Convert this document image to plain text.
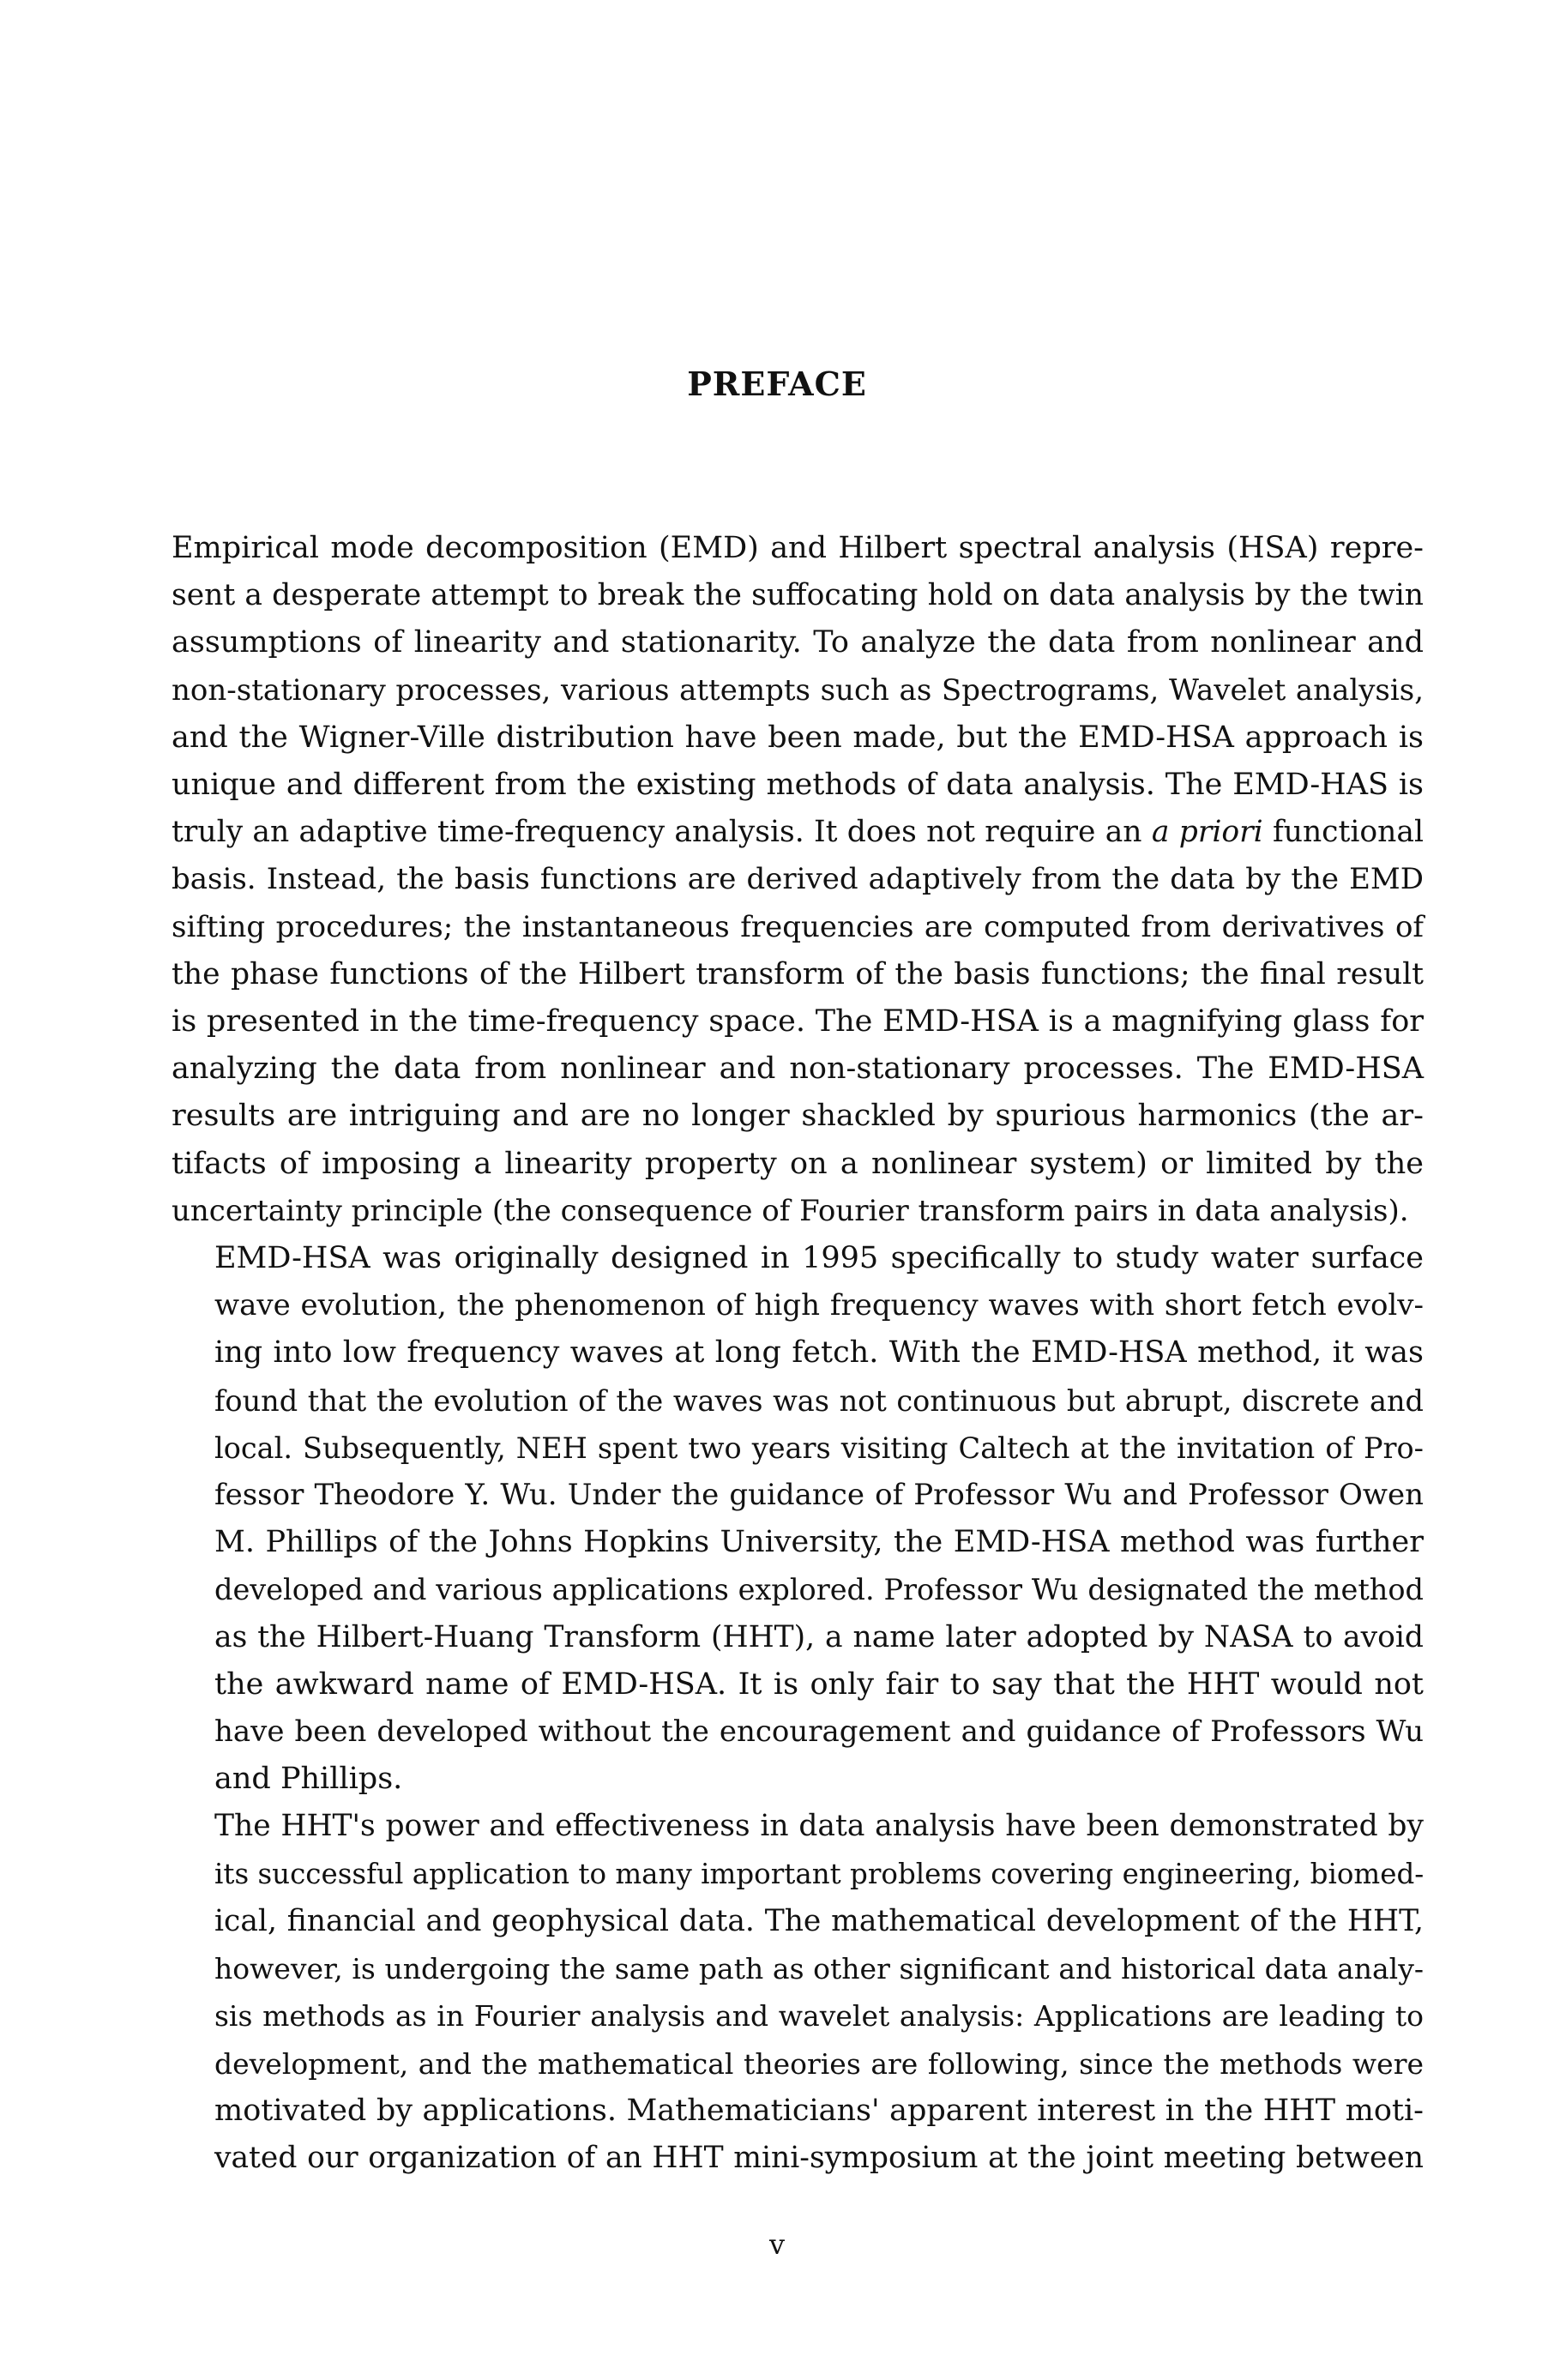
PREFACE

Empirical mode decomposition (EMD) and Hilbert spectral analysis (HSA) repre-
sent a desperate attempt to break the suffocating hold on data analysis by the twin
assumptions of linearity and stationarity. To analyze the data from nonlinear and
non-stationary processes, various attempts such as Spectrograms, Wavelet analysis,
and the Wigner-Ville distribution have been made, but the EMD-HSA approach is
unique and different from the existing methods of data analysis. The EMD-HAS is
truly an adaptive time-frequency analysis. It does not require an a priori functional
basis. Instead, the basis functions are derived adaptively from the data by the EMD
sifting procedures; the instantaneous frequencies are computed from derivatives of
the phase functions of the Hilbert transform of the basis functions; the final result
is presented in the time-frequency space. The EMD-HSA is a magnifying glass for
analyzing the data from nonlinear and non-stationary processes. The EMD-HSA
results are intriguing and are no longer shackled by spurious harmonics (the ar-
tifacts of imposing a linearity property on a nonlinear system) or limited by the
uncertainty principle (the consequence of Fourier transform pairs in data analysis).

EMD-HSA was originally designed in 1995 specifically to study water surface
wave evolution, the phenomenon of high frequency waves with short fetch evolv-
ing into low frequency waves at long fetch. With the EMD-HSA method, it was
found that the evolution of the waves was not continuous but abrupt, discrete and
local. Subsequently, NEH spent two years visiting Caltech at the invitation of Pro-
fessor Theodore Y. Wu. Under the guidance of Professor Wu and Professor Owen
M. Phillips of the Johns Hopkins University, the EMD-HSA method was further
developed and various applications explored. Professor Wu designated the method
as the Hilbert-Huang Transform (HHT), a name later adopted by NASA to avoid
the awkward name of EMD-HSA. It is only fair to say that the HHT would not
have been developed without the encouragement and guidance of Professors Wu
and Phillips.

The HHT's power and effectiveness in data analysis have been demonstrated by
its successful application to many important problems covering engineering, biomed-
ical, financial and geophysical data. The mathematical development of the HHT,
however, is undergoing the same path as other significant and historical data analy-
sis methods as in Fourier analysis and wavelet analysis: Applications are leading to
development, and the mathematical theories are following, since the methods were
motivated by applications. Mathematicians' apparent interest in the HHT moti-
vated our organization of an HHT mini-symposium at the joint meeting between

v
